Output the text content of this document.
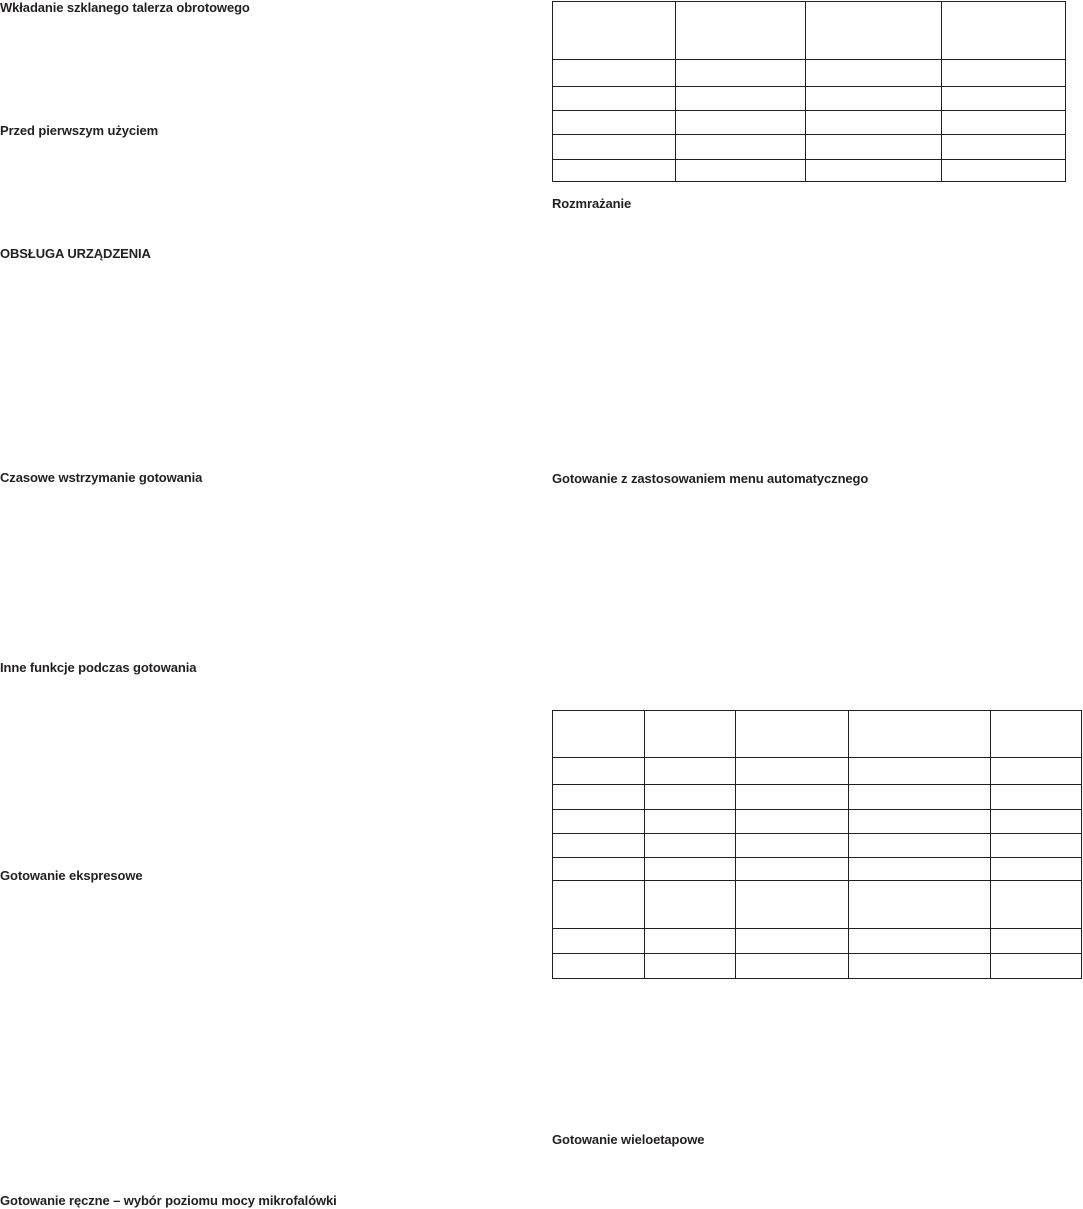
Wkładanie szklanego talerza obrotowego
Przed pierwszym użyciem
OBSŁUGA URZĄDZENIA
Czasowe wstrzymanie gotowania
Inne funkcje podczas gotowania
Gotowanie ekspresowe
Gotowanie ręczne – wybór poziomu mocy mikrofalówki

Rozmrażanie
Gotowanie z zastosowaniem menu automatycznego

Gotowanie wieloetapowe
